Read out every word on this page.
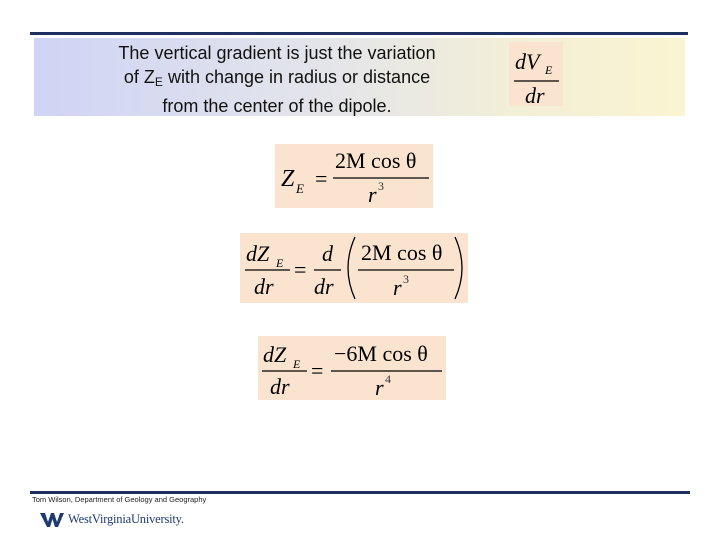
The vertical gradient is just the variation
of $Z_E$ with change in radius or distance
from the center of the dipole.
dV E
dr
Z E =
2M cos θ
r 3
dZ E
dr
=
d
dr
2M cos θ
r 3
dZ E
dr
=
−6M cos θ
r 4
Tom Wilson, Department of Geology and Geography
WestVirginiaUniversity.
